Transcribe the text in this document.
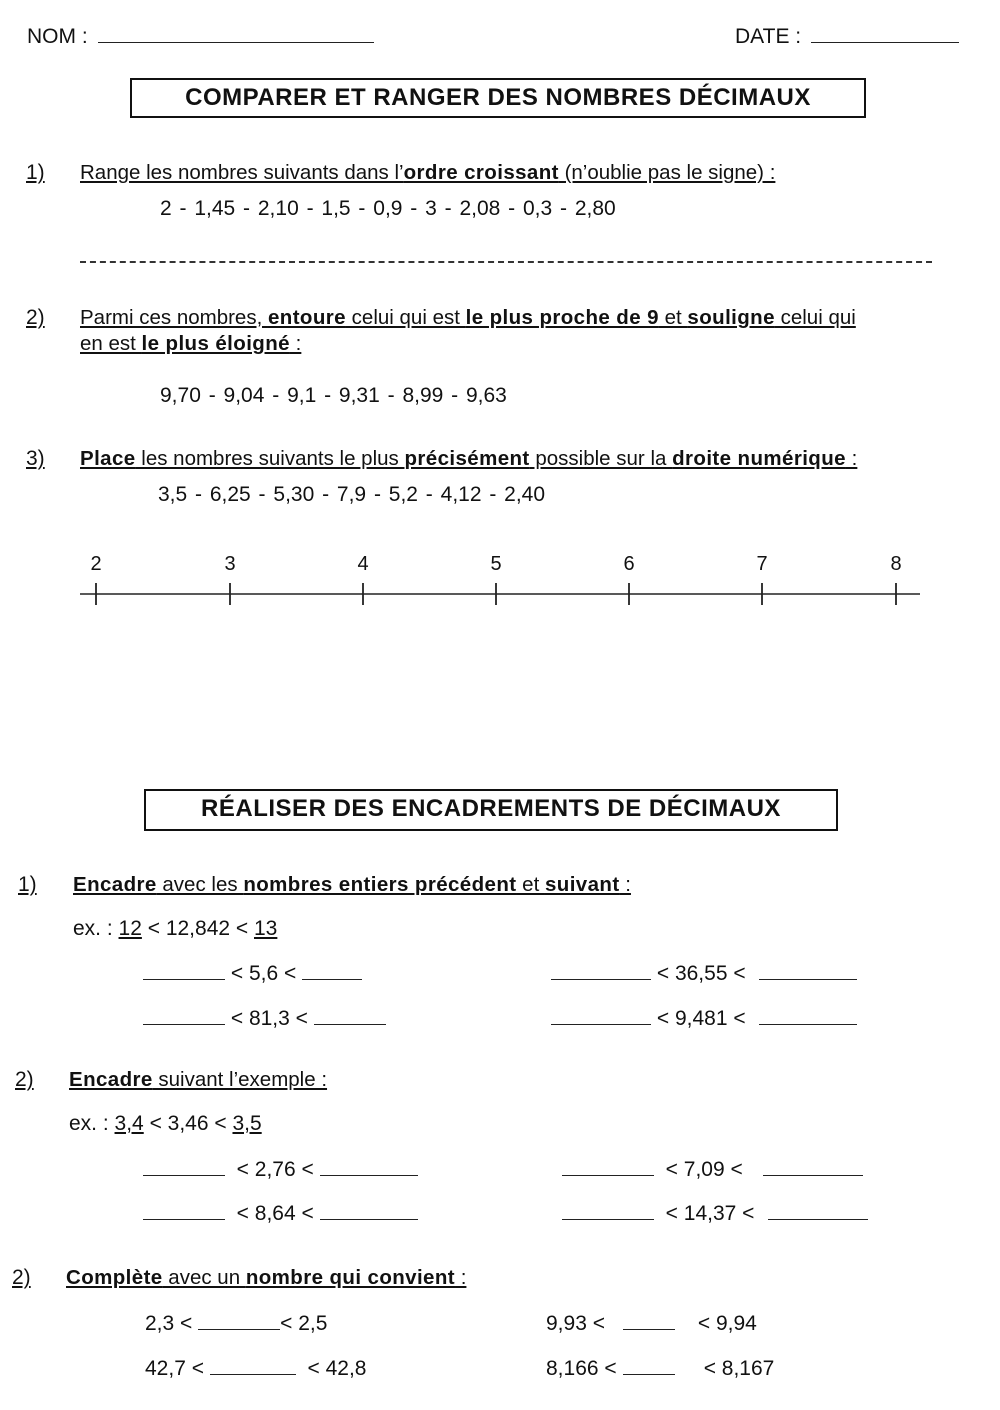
NOM :	DATE :
COMPARER ET RANGER DES NOMBRES DÉCIMAUX
1) Range les nombres suivants dans l’ordre croissant (n’oublie pas le signe) :
2 - 1,45 - 2,10 - 1,5 - 0,9 - 3 - 2,08 - 0,3 - 2,80
2) Parmi ces nombres, entoure celui qui est le plus proche de 9 et souligne celui qui
en est le plus éloigné :
9,70 - 9,04 - 9,1 - 9,31 - 8,99 - 9,63
3) Place les nombres suivants le plus précisément possible sur la droite numérique :
3,5 - 6,25 - 5,30 - 7,9 - 5,2 - 4,12 - 2,40
2	3	4	5	6	7	8
RÉALISER DES ENCADREMENTS DE DÉCIMAUX
1) Encadre avec les nombres entiers précédent et suivant :
ex. : 12 < 12,842 < 13
< 5,6 <	< 36,55 <
< 81,3 <	< 9,481 <
2) Encadre suivant l’exemple :
ex. : 3,4 < 3,46 < 3,5
< 2,76 <	< 7,09 <
< 8,64 <	< 14,37 <
2) Complète avec un nombre qui convient :
2,3 <	< 2,5	9,93 <	< 9,94
42,7 <	< 42,8	8,166 <	< 8,167
